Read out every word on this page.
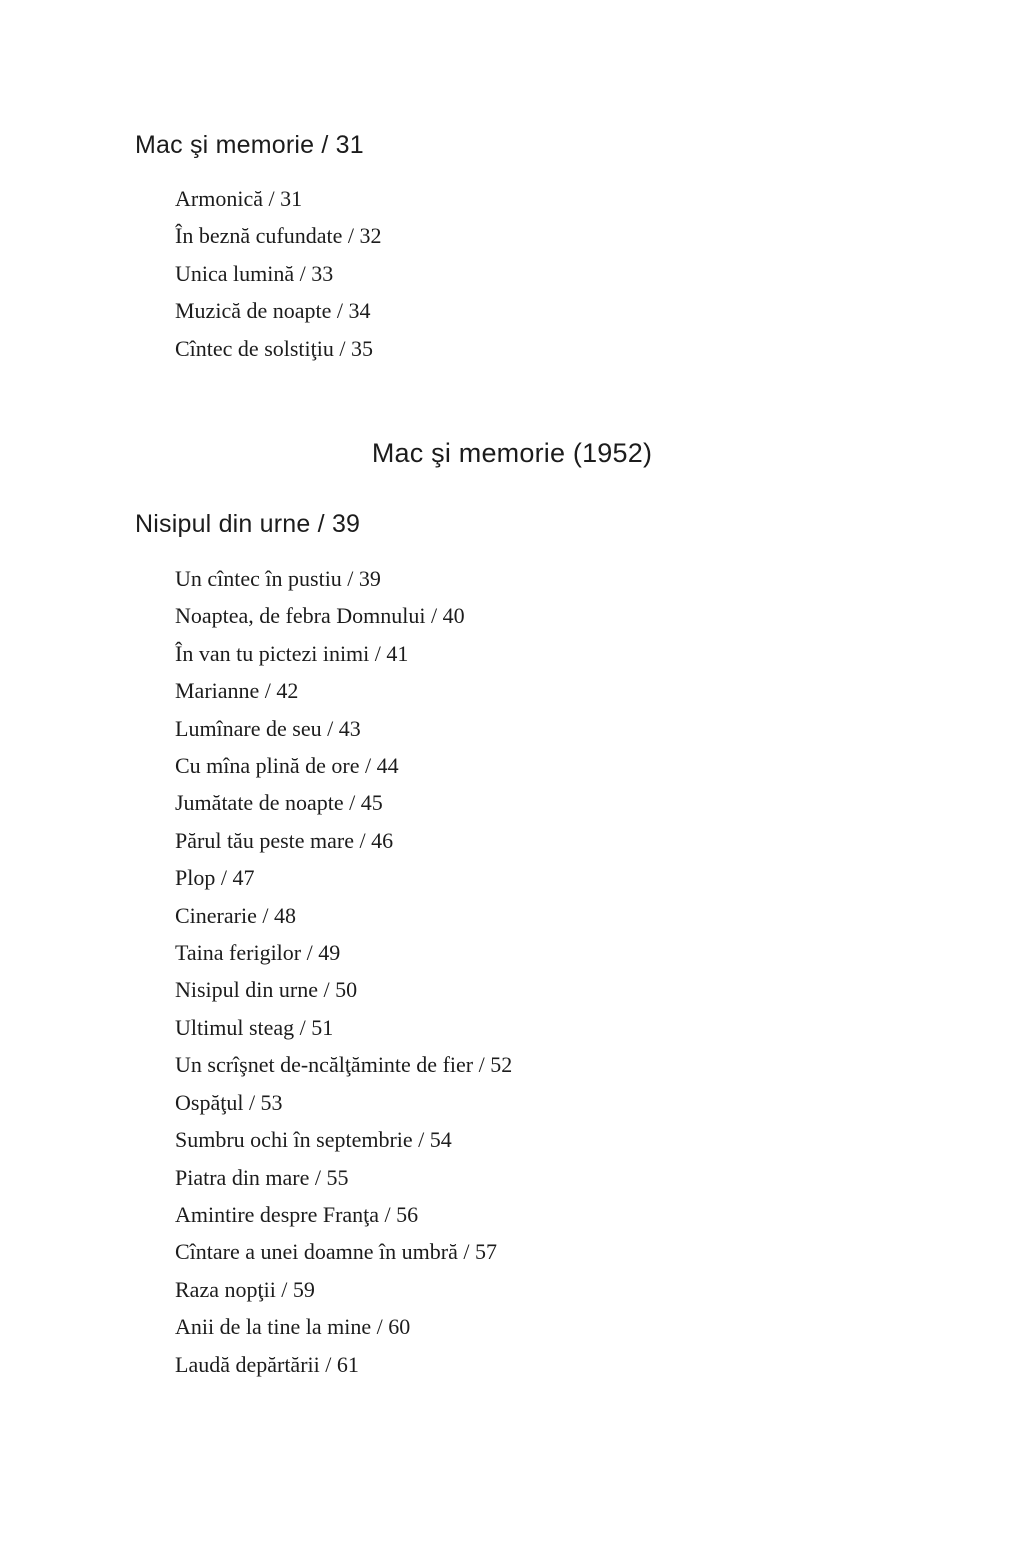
Mac şi memorie / 31
Armonică / 31
În beznă cufundate / 32
Unica lumină / 33
Muzică de noapte / 34
Cîntec de solstiţiu / 35
Mac şi memorie (1952)
Nisipul din urne / 39
Un cîntec în pustiu / 39
Noaptea, de febra Domnului / 40
În van tu pictezi inimi / 41
Marianne / 42
Lumînare de seu / 43
Cu mîna plină de ore / 44
Jumătate de noapte / 45
Părul tău peste mare / 46
Plop / 47
Cinerarie / 48
Taina ferigilor / 49
Nisipul din urne / 50
Ultimul steag / 51
Un scrîşnet de-ncălţăminte de fier / 52
Ospăţul / 53
Sumbru ochi în septembrie / 54
Piatra din mare / 55
Amintire despre Franţa / 56
Cîntare a unei doamne în umbră / 57
Raza nopţii / 59
Anii de la tine la mine / 60
Laudă depărtării / 61
